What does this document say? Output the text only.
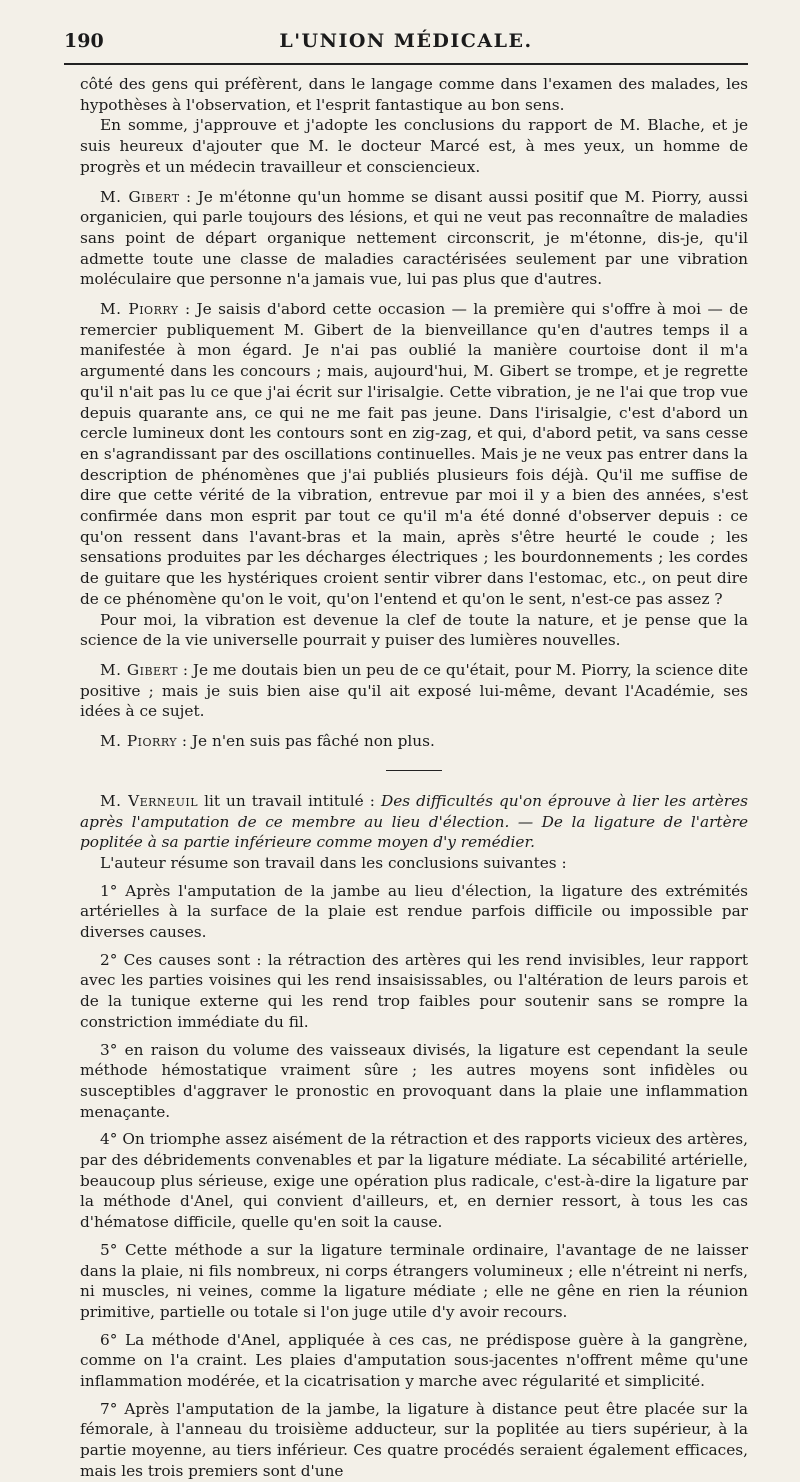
190	L'UNION MÉDICALE.

côté des gens qui préfèrent, dans le langage comme dans l'examen des malades, les hypothèses à l'observation, et l'esprit fantastique au bon sens.

En somme, j'approuve et j'adopte les conclusions du rapport de M. Blache, et je suis heureux d'ajouter que M. le docteur Marcé est, à mes yeux, un homme de progrès et un médecin travailleur et consciencieux.

M. Gibert : Je m'étonne qu'un homme se disant aussi positif que M. Piorry, aussi organicien, qui parle toujours des lésions, et qui ne veut pas reconnaître de maladies sans point de départ organique nettement circonscrit, je m'étonne, dis-je, qu'il admette toute une classe de maladies caractérisées seulement par une vibration moléculaire que personne n'a jamais vue, lui pas plus que d'autres.

M. Piorry : Je saisis d'abord cette occasion — la première qui s'offre à moi — de remercier publiquement M. Gibert de la bienveillance qu'en d'autres temps il a manifestée à mon égard. Je n'ai pas oublié la manière courtoise dont il m'a argumenté dans les concours ; mais, aujourd'hui, M. Gibert se trompe, et je regrette qu'il n'ait pas lu ce que j'ai écrit sur l'irisalgie. Cette vibration, je ne l'ai que trop vue depuis quarante ans, ce qui ne me fait pas jeune. Dans l'irisalgie, c'est d'abord un cercle lumineux dont les contours sont en zig-zag, et qui, d'abord petit, va sans cesse en s'agrandissant par des oscillations continuelles. Mais je ne veux pas entrer dans la description de phénomènes que j'ai publiés plusieurs fois déjà. Qu'il me suffise de dire que cette vérité de la vibration, entrevue par moi il y a bien des années, s'est confirmée dans mon esprit par tout ce qu'il m'a été donné d'observer depuis : ce qu'on ressent dans l'avant-bras et la main, après s'être heurté le coude ; les sensations produites par les décharges électriques ; les bourdonnements ; les cordes de guitare que les hystériques croient sentir vibrer dans l'estomac, etc., on peut dire de ce phénomène qu'on le voit, qu'on l'entend et qu'on le sent, n'est-ce pas assez ?

Pour moi, la vibration est devenue la clef de toute la nature, et je pense que la science de la vie universelle pourrait y puiser des lumières nouvelles.

M. Gibert : Je me doutais bien un peu de ce qu'était, pour M. Piorry, la science dite positive ; mais je suis bien aise qu'il ait exposé lui-même, devant l'Académie, ses idées à ce sujet.

M. Piorry : Je n'en suis pas fâché non plus.

M. Verneuil lit un travail intitulé : Des difficultés qu'on éprouve à lier les artères après l'amputation de ce membre au lieu d'élection. — De la ligature de l'artère poplitée à sa partie inférieure comme moyen d'y remédier.

L'auteur résume son travail dans les conclusions suivantes :

1° Après l'amputation de la jambe au lieu d'élection, la ligature des extrémités artérielles à la surface de la plaie est rendue parfois difficile ou impossible par diverses causes.

2° Ces causes sont : la rétraction des artères qui les rend invisibles, leur rapport avec les parties voisines qui les rend insaisissables, ou l'altération de leurs parois et de la tunique externe qui les rend trop faibles pour soutenir sans se rompre la constriction immédiate du fil.

3° en raison du volume des vaisseaux divisés, la ligature est cependant la seule méthode hémostatique vraiment sûre ; les autres moyens sont infidèles ou susceptibles d'aggraver le pronostic en provoquant dans la plaie une inflammation menaçante.

4° On triomphe assez aisément de la rétraction et des rapports vicieux des artères, par des débridements convenables et par la ligature médiate. La sécabilité artérielle, beaucoup plus sérieuse, exige une opération plus radicale, c'est-à-dire la ligature par la méthode d'Anel, qui convient d'ailleurs, et, en dernier ressort, à tous les cas d'hématose difficile, quelle qu'en soit la cause.

5° Cette méthode a sur la ligature terminale ordinaire, l'avantage de ne laisser dans la plaie, ni fils nombreux, ni corps étrangers volumineux ; elle n'étreint ni nerfs, ni muscles, ni veines, comme la ligature médiate ; elle ne gêne en rien la réunion primitive, partielle ou totale si l'on juge utile d'y avoir recours.

6° La méthode d'Anel, appliquée à ces cas, ne prédispose guère à la gangrène, comme on l'a craint. Les plaies d'amputation sous-jacentes n'offrent même qu'une inflammation modérée, et la cicatrisation y marche avec régularité et simplicité.

7° Après l'amputation de la jambe, la ligature à distance peut être placée sur la fémorale, à l'anneau du troisième adducteur, sur la poplitée au tiers supérieur, à la partie moyenne, au tiers inférieur. Ces quatre procédés seraient également efficaces, mais les trois premiers sont d'une
